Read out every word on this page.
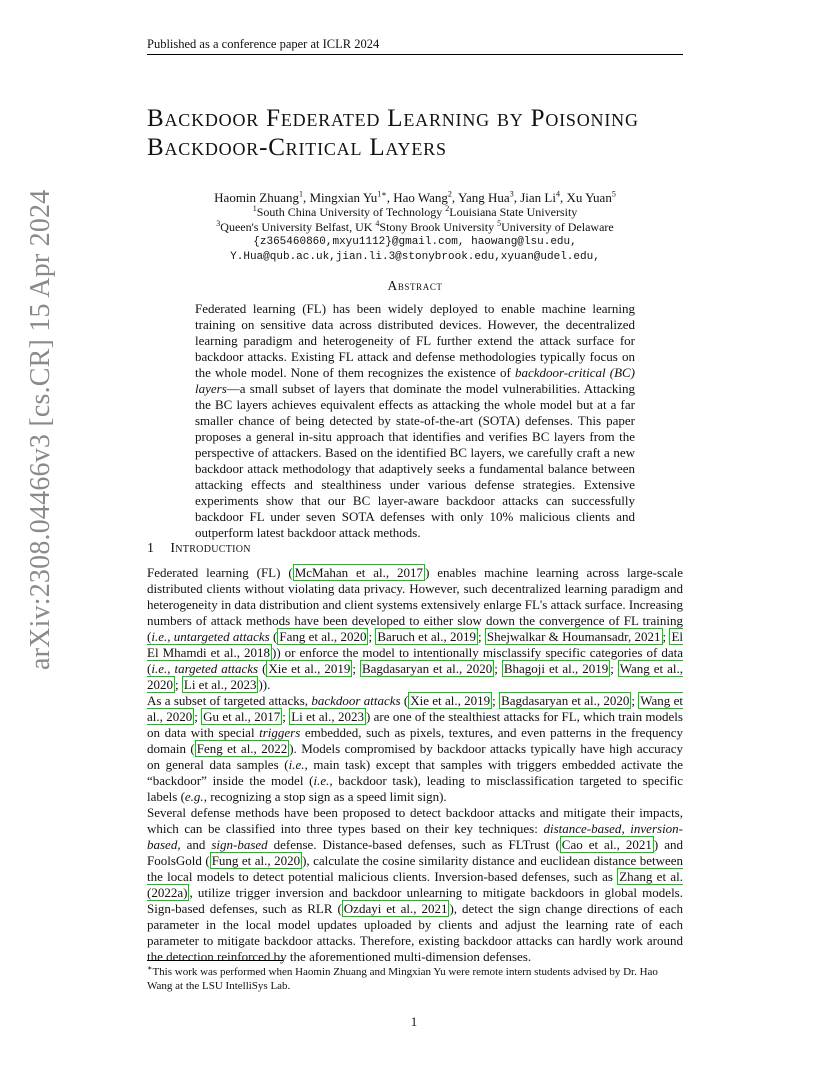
Published as a conference paper at ICLR 2024
arXiv:2308.04466v3 [cs.CR] 15 Apr 2024
Backdoor Federated Learning by Poisoning
Backdoor-Critical Layers
Haomin Zhuang$^1$, Mingxian $Yu^{1∗}$, Hao Wang$^2$, Yang Hua$^3$, Jian Li$^4$, Xu Yuan$^5$
$^1$South China University of Technology $^2$Louisiana State University
$^3$Queen's University Belfast, UK $^4$Stony Brook University $^5$University of Delaware
{z365460860,mxyu1112}@gmail.com, haowang@lsu.edu,
Y.Hua@qub.ac.uk,jian.li.3@stonybrook.edu,xyuan@udel.edu,
Abstract
Federated learning (FL) has been widely deployed to enable machine learning training on sensitive data across distributed devices. However, the decentralized learning paradigm and heterogeneity of FL further extend the attack surface for backdoor attacks. Existing FL attack and defense methodologies typically focus on the whole model. None of them recognizes the existence of backdoor-critical (BC) layers—a small subset of layers that dominate the model vulnerabilities. Attacking the BC layers achieves equivalent effects as attacking the whole model but at a far smaller chance of being detected by state-of-the-art (SOTA) defenses. This paper proposes a general in-situ approach that identifies and verifies BC layers from the perspective of attackers. Based on the identified BC layers, we carefully craft a new backdoor attack methodology that adaptively seeks a fundamental balance between attacking effects and stealthiness under various defense strategies. Extensive experiments show that our BC layer-aware backdoor attacks can successfully backdoor FL under seven SOTA defenses with only 10% malicious clients and outperform latest backdoor attack methods.
1 Introduction
Federated learning (FL) ( McMahan et al., 2017 ) enables machine learning across large-scale distributed clients without violating data privacy. However, such decentralized learning paradigm and heterogeneity in data distribution and client systems extensively enlarge FL's attack surface. Increasing numbers of attack methods have been developed to either slow down the convergence of FL training (i.e., untargeted attacks ( Fang et al., 2020 ; Baruch et al., 2019 ; Shejwalkar & Houmansadr, 2021 ; El El Mhamdi et al., 2018 )) or enforce the model to intentionally misclassify specific categories of data (i.e., targeted attacks ( Xie et al., 2019 ; Bagdasaryan et al., 2020 ; Bhagoji et al., 2019 ; Wang et al., 2020 ; Li et al., 2023 )).
As a subset of targeted attacks, backdoor attacks ( Xie et al., 2019 ; Bagdasaryan et al., 2020 ; Wang et al., 2020 ; Gu et al., 2017 ; Li et al., 2023 ) are one of the stealthiest attacks for FL, which train models on data with special triggers embedded, such as pixels, textures, and even patterns in the frequency domain ( Feng et al., 2022 ). Models compromised by backdoor attacks typically have high accuracy on general data samples (i.e., main task) except that samples with triggers embedded activate the “backdoor” inside the model (i.e., backdoor task), leading to misclassification targeted to specific labels (e.g., recognizing a stop sign as a speed limit sign).
Several defense methods have been proposed to detect backdoor attacks and mitigate their impacts, which can be classified into three types based on their key techniques: distance-based, inversion-based, and sign-based defense. Distance-based defenses, such as FLTrust ( Cao et al., 2021 ) and FoolsGold ( Fung et al., 2020 ), calculate the cosine similarity distance and euclidean distance between the local models to detect potential malicious clients. Inversion-based defenses, such as Zhang et al. (2022a) , utilize trigger inversion and backdoor unlearning to mitigate backdoors in global models. Sign-based defenses, such as RLR ( Ozdayi et al., 2021 ), detect the sign change directions of each parameter in the local model updates uploaded by clients and adjust the learning rate of each parameter to mitigate backdoor attacks. Therefore, existing backdoor attacks can hardly work around the detection reinforced by the aforementioned multi-dimension defenses.
∗This work was performed when Haomin Zhuang and Mingxian Yu were remote intern students advised by Dr. Hao Wang at the LSU IntelliSys Lab.
1
